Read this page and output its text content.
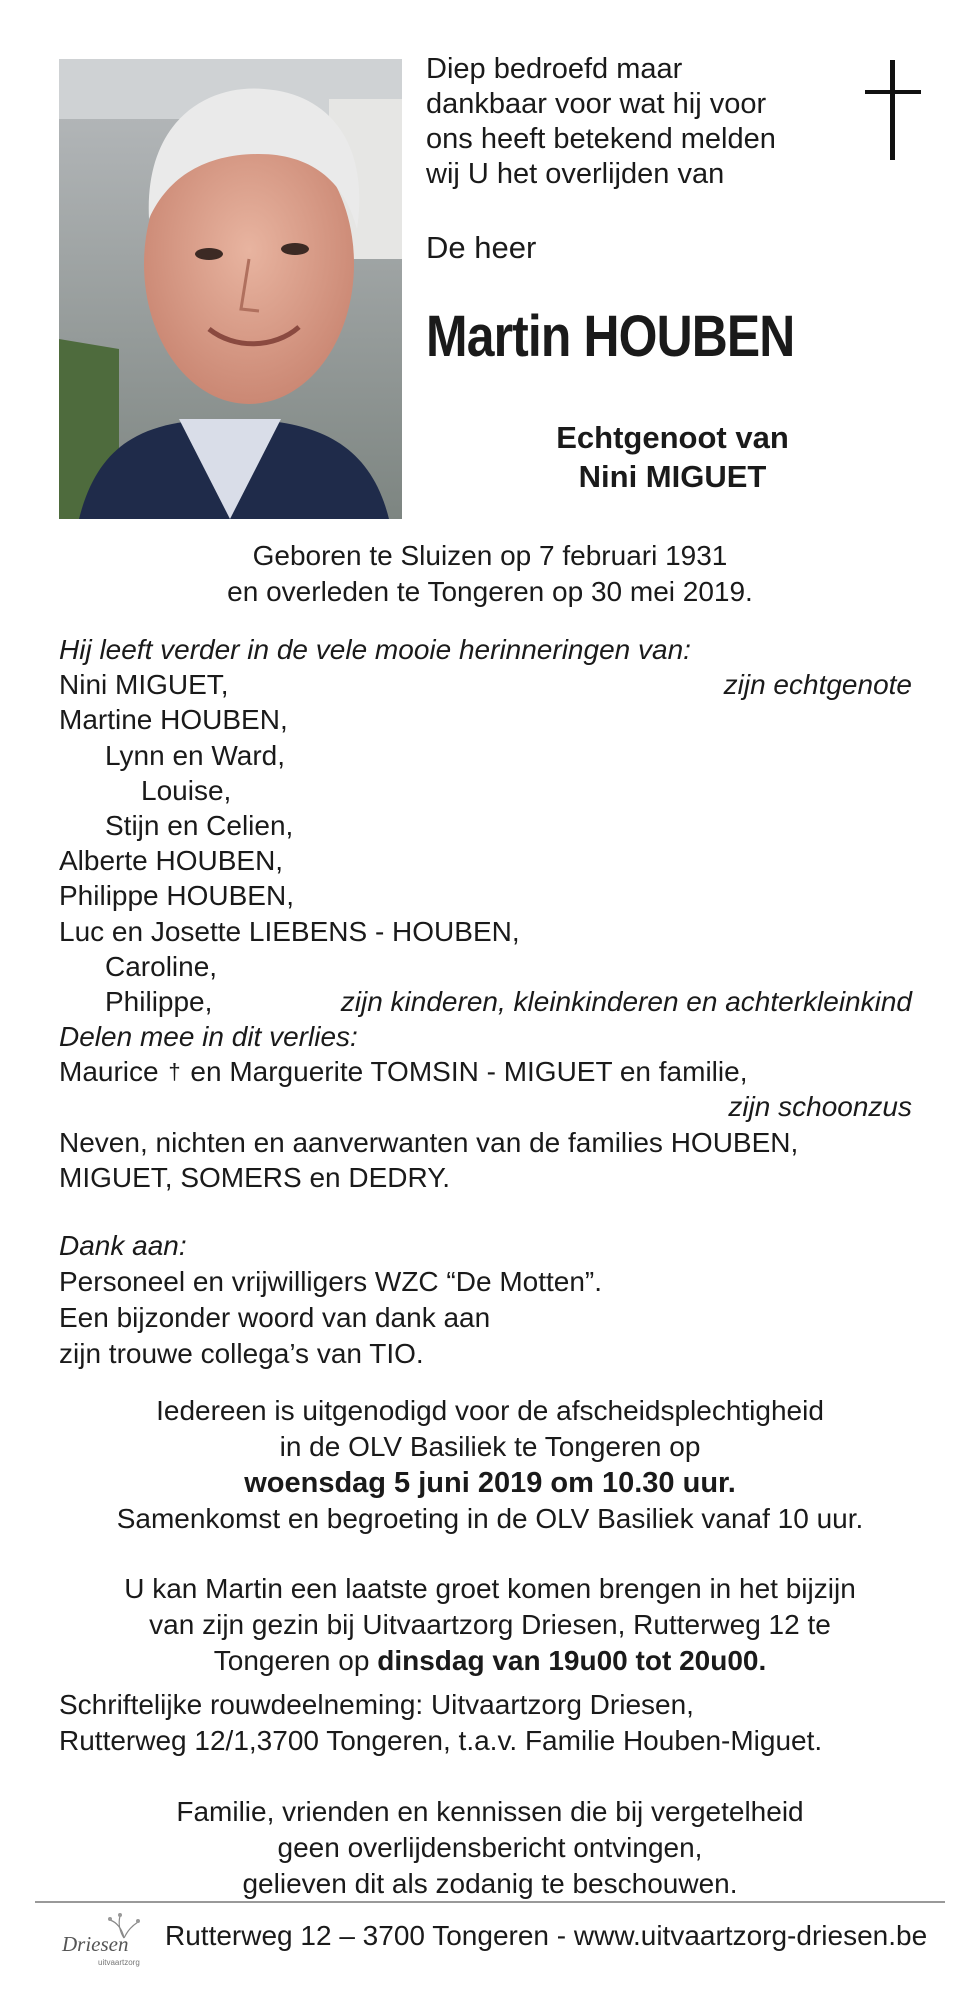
Diep bedroefd maar
dankbaar voor wat hij voor
ons heeft betekend melden
wij U het overlijden van
De heer
Martin HOUBEN
Echtgenoot van
Nini MIGUET
Geboren te Sluizen op 7 februari 1931
en overleden te Tongeren op 30 mei 2019.
Hij leeft verder in de vele mooie herinneringen van:
Nini MIGUET,	zijn echtgenote
Martine HOUBEN,
Lynn en Ward,
Louise,
Stijn en Celien,
Alberte HOUBEN,
Philippe HOUBEN,
Luc en Josette LIEBENS - HOUBEN,
Caroline,
Philippe,	zijn kinderen, kleinkinderen en achterkleinkind
Delen mee in dit verlies:
Maurice † en Marguerite TOMSIN - MIGUET en familie,
zijn schoonzus
Neven, nichten en aanverwanten van de families HOUBEN,
MIGUET, SOMERS en DEDRY.
Dank aan:
Personeel en vrijwilligers WZC “De Motten”.
Een bijzonder woord van dank aan
zijn trouwe collega’s van TIO.
Iedereen is uitgenodigd voor de afscheidsplechtigheid
in de OLV Basiliek te Tongeren op
woensdag 5 juni 2019 om 10.30 uur.
Samenkomst en begroeting in de OLV Basiliek vanaf 10 uur.
U kan Martin een laatste groet komen brengen in het bijzijn
van zijn gezin bij Uitvaartzorg Driesen, Rutterweg 12 te
Tongeren op dinsdag van 19u00 tot 20u00.
Schriftelijke rouwdeelneming: Uitvaartzorg Driesen,
Rutterweg 12/1,3700 Tongeren, t.a.v. Familie Houben-Miguet.
Familie, vrienden en kennissen die bij vergetelheid
geen overlijdensbericht ontvingen,
gelieven dit als zodanig te beschouwen.
Driesen
uitvaartzorg
Rutterweg 12 – 3700 Tongeren - www.uitvaartzorg-driesen.be
